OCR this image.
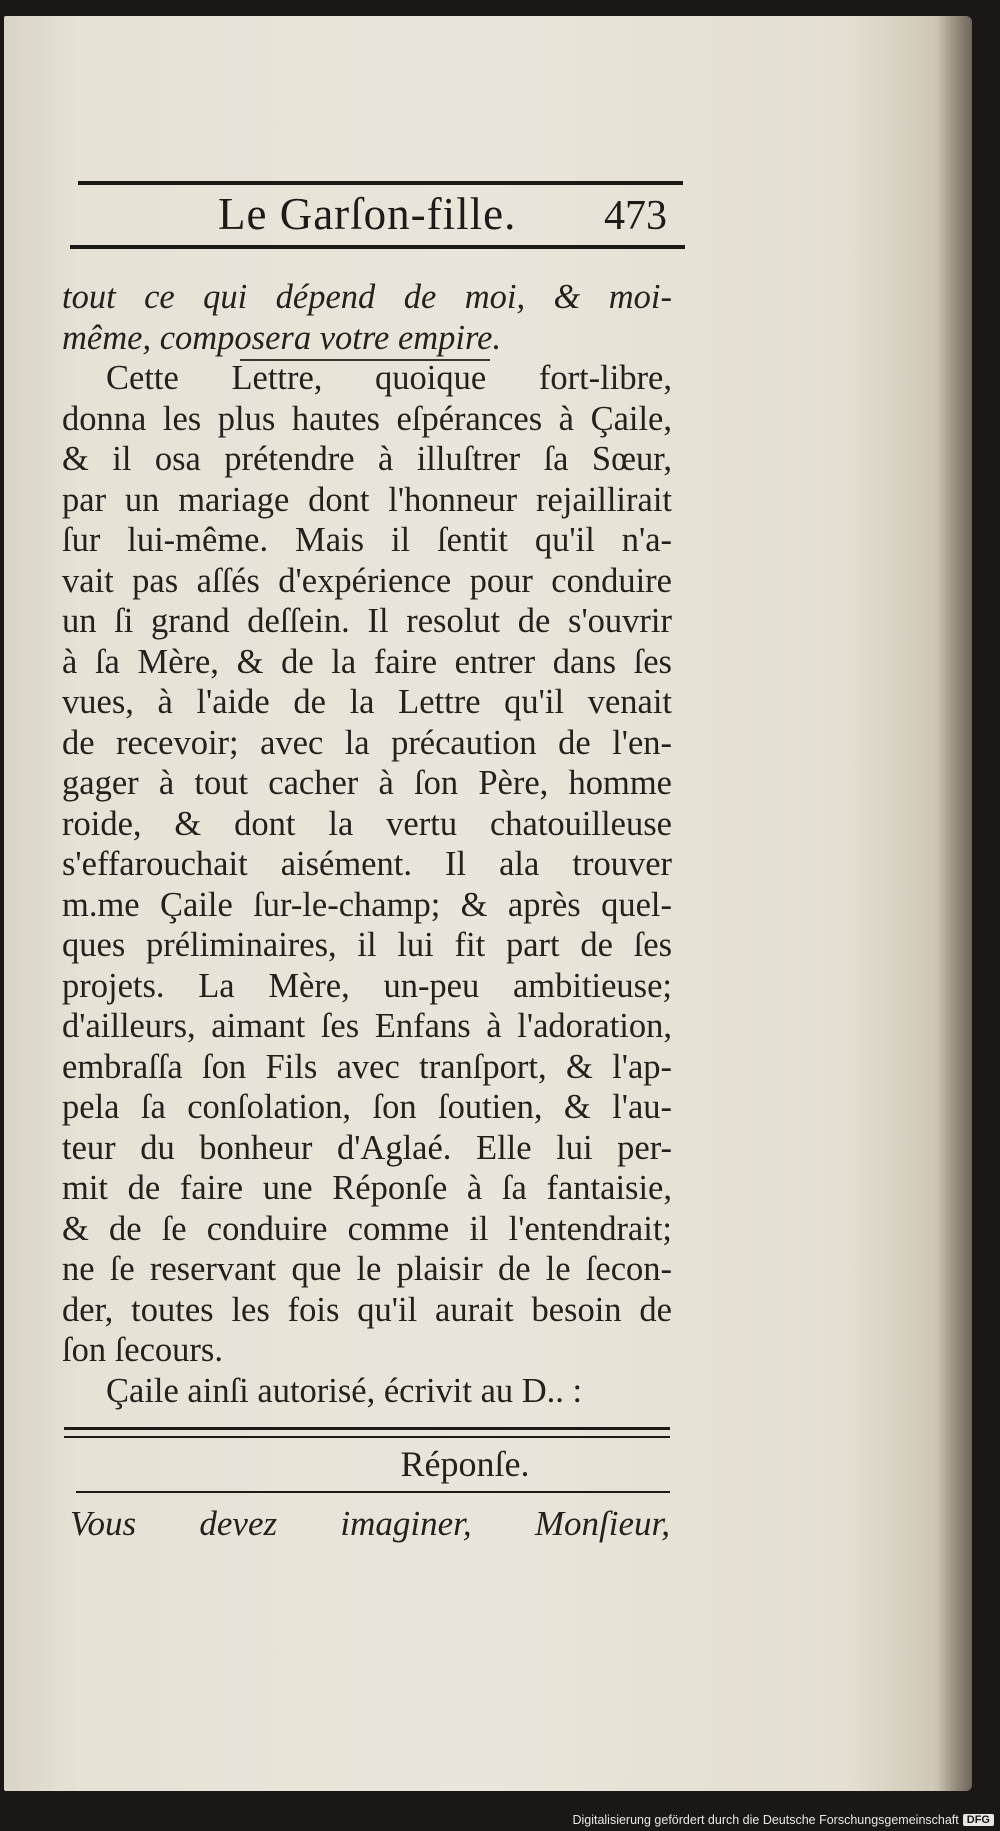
Le Garſon-fille. 473
tout ce qui dépend de moi, & moi-
même, composera votre empire.
Cette Lettre, quoique fort-libre,
donna les plus hautes eſpérances à Çaile,
& il osa prétendre à illuſtrer ſa Sœur,
par un mariage dont l'honneur rejaillirait
ſur lui-même. Mais il ſentit qu'il n'a-
vait pas aſſés d'expérience pour conduire
un ſi grand deſſein. Il resolut de s'ouvrir
à ſa Mère, & de la faire entrer dans ſes
vues, à l'aide de la Lettre qu'il venait
de recevoir; avec la précaution de l'en-
gager à tout cacher à ſon Père, homme
roide, & dont la vertu chatouilleuse
s'effarouchait aisément. Il ala trouver
m.me Çaile ſur-le-champ; & après quel-
ques préliminaires, il lui fit part de ſes
projets. La Mère, un-peu ambitieuse;
d'ailleurs, aimant ſes Enfans à l'adoration,
embraſſa ſon Fils avec tranſport, & l'ap-
pela ſa conſolation, ſon ſoutien, & l'au-
teur du bonheur d'Aglaé. Elle lui per-
mit de faire une Réponſe à ſa fantaisie,
& de ſe conduire comme il l'entendrait;
ne ſe reservant que le plaisir de le ſecon-
der, toutes les fois qu'il aurait besoin de
ſon ſecours.
Çaile ainſi autorisé, écrivit au D.. :
Réponſe.
Vous devez imaginer, Monſieur,
Digitalisierung gefördert durch die Deutsche Forschungsgemeinschaft DFG
